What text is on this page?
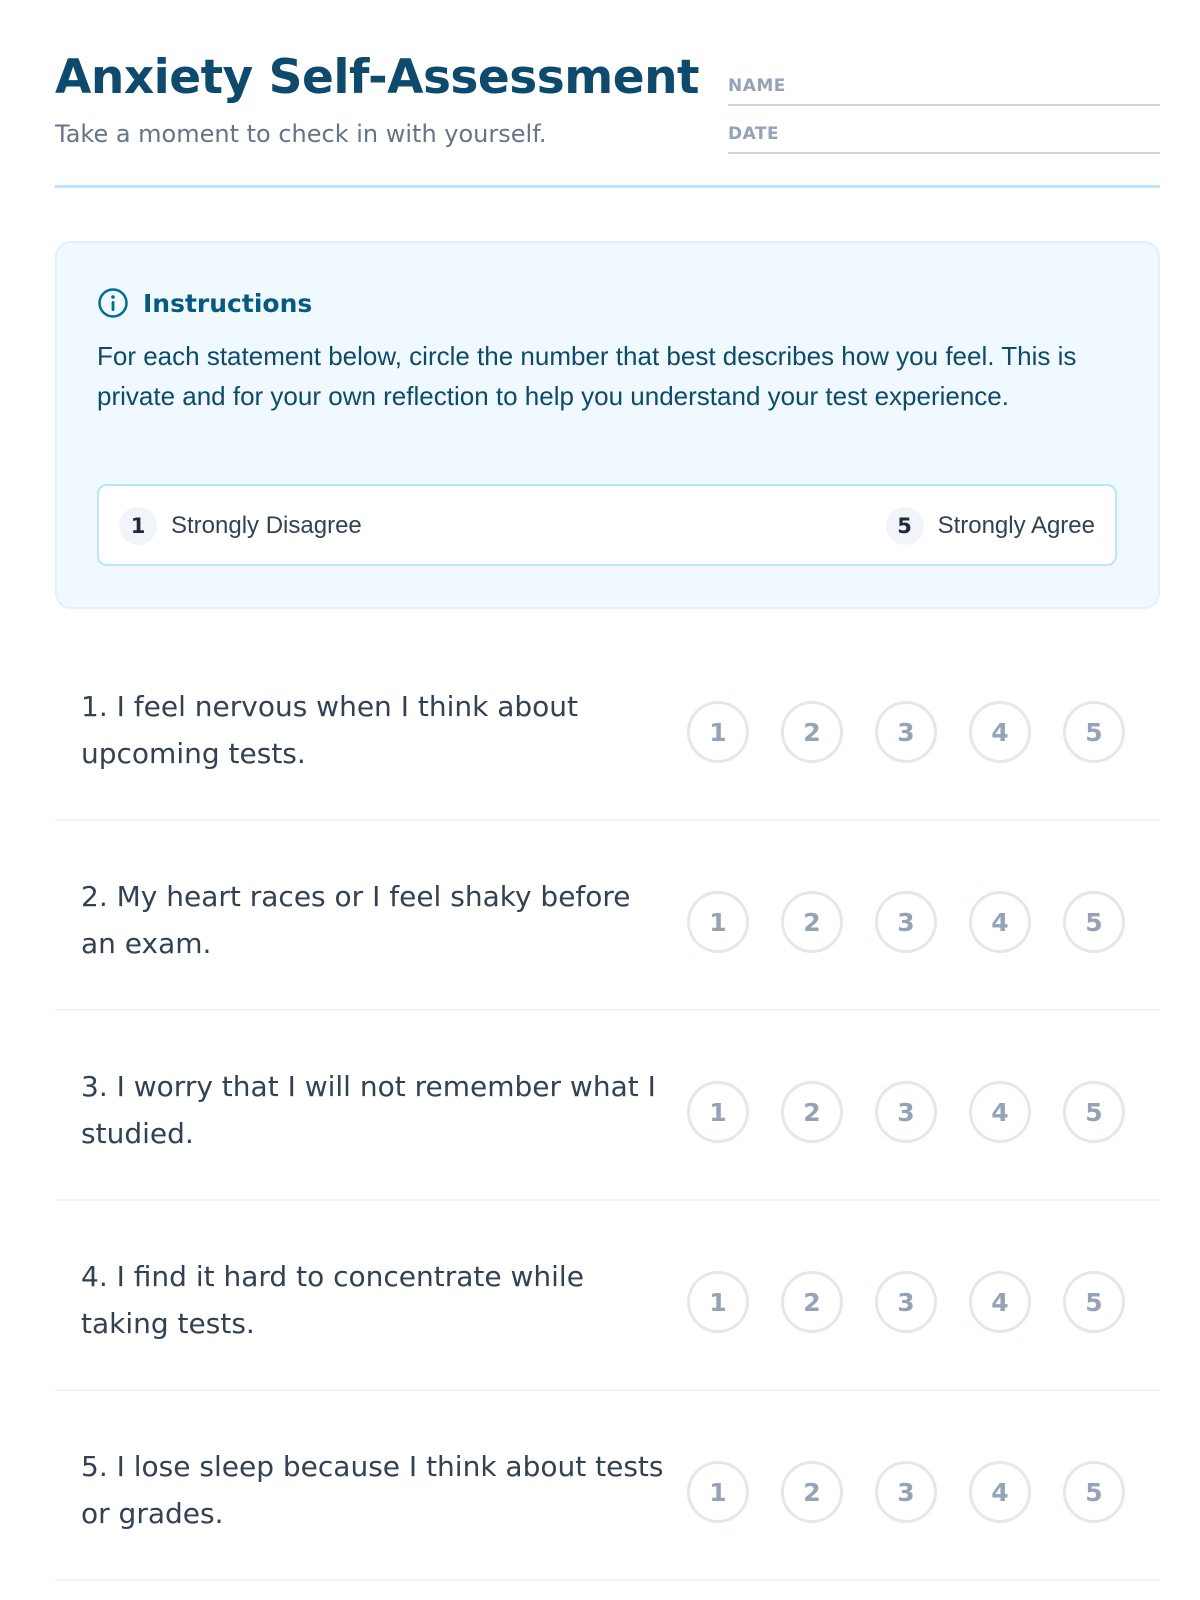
Anxiety Self-Assessment
Take a moment to check in with yourself.
NAME
DATE
Instructions
For each statement below, circle the number that best describes how you feel. This is private and for your own reflection to help you understand your test experience.
1	Strongly Disagree	5	Strongly Agree
1. I feel nervous when I think about upcoming tests.
1	2	3	4	5
2. My heart races or I feel shaky before an exam.
1	2	3	4	5
3. I worry that I will not remember what I studied.
1	2	3	4	5
4. I find it hard to concentrate while taking tests.
1	2	3	4	5
5. I lose sleep because I think about tests or grades.
1	2	3	4	5
